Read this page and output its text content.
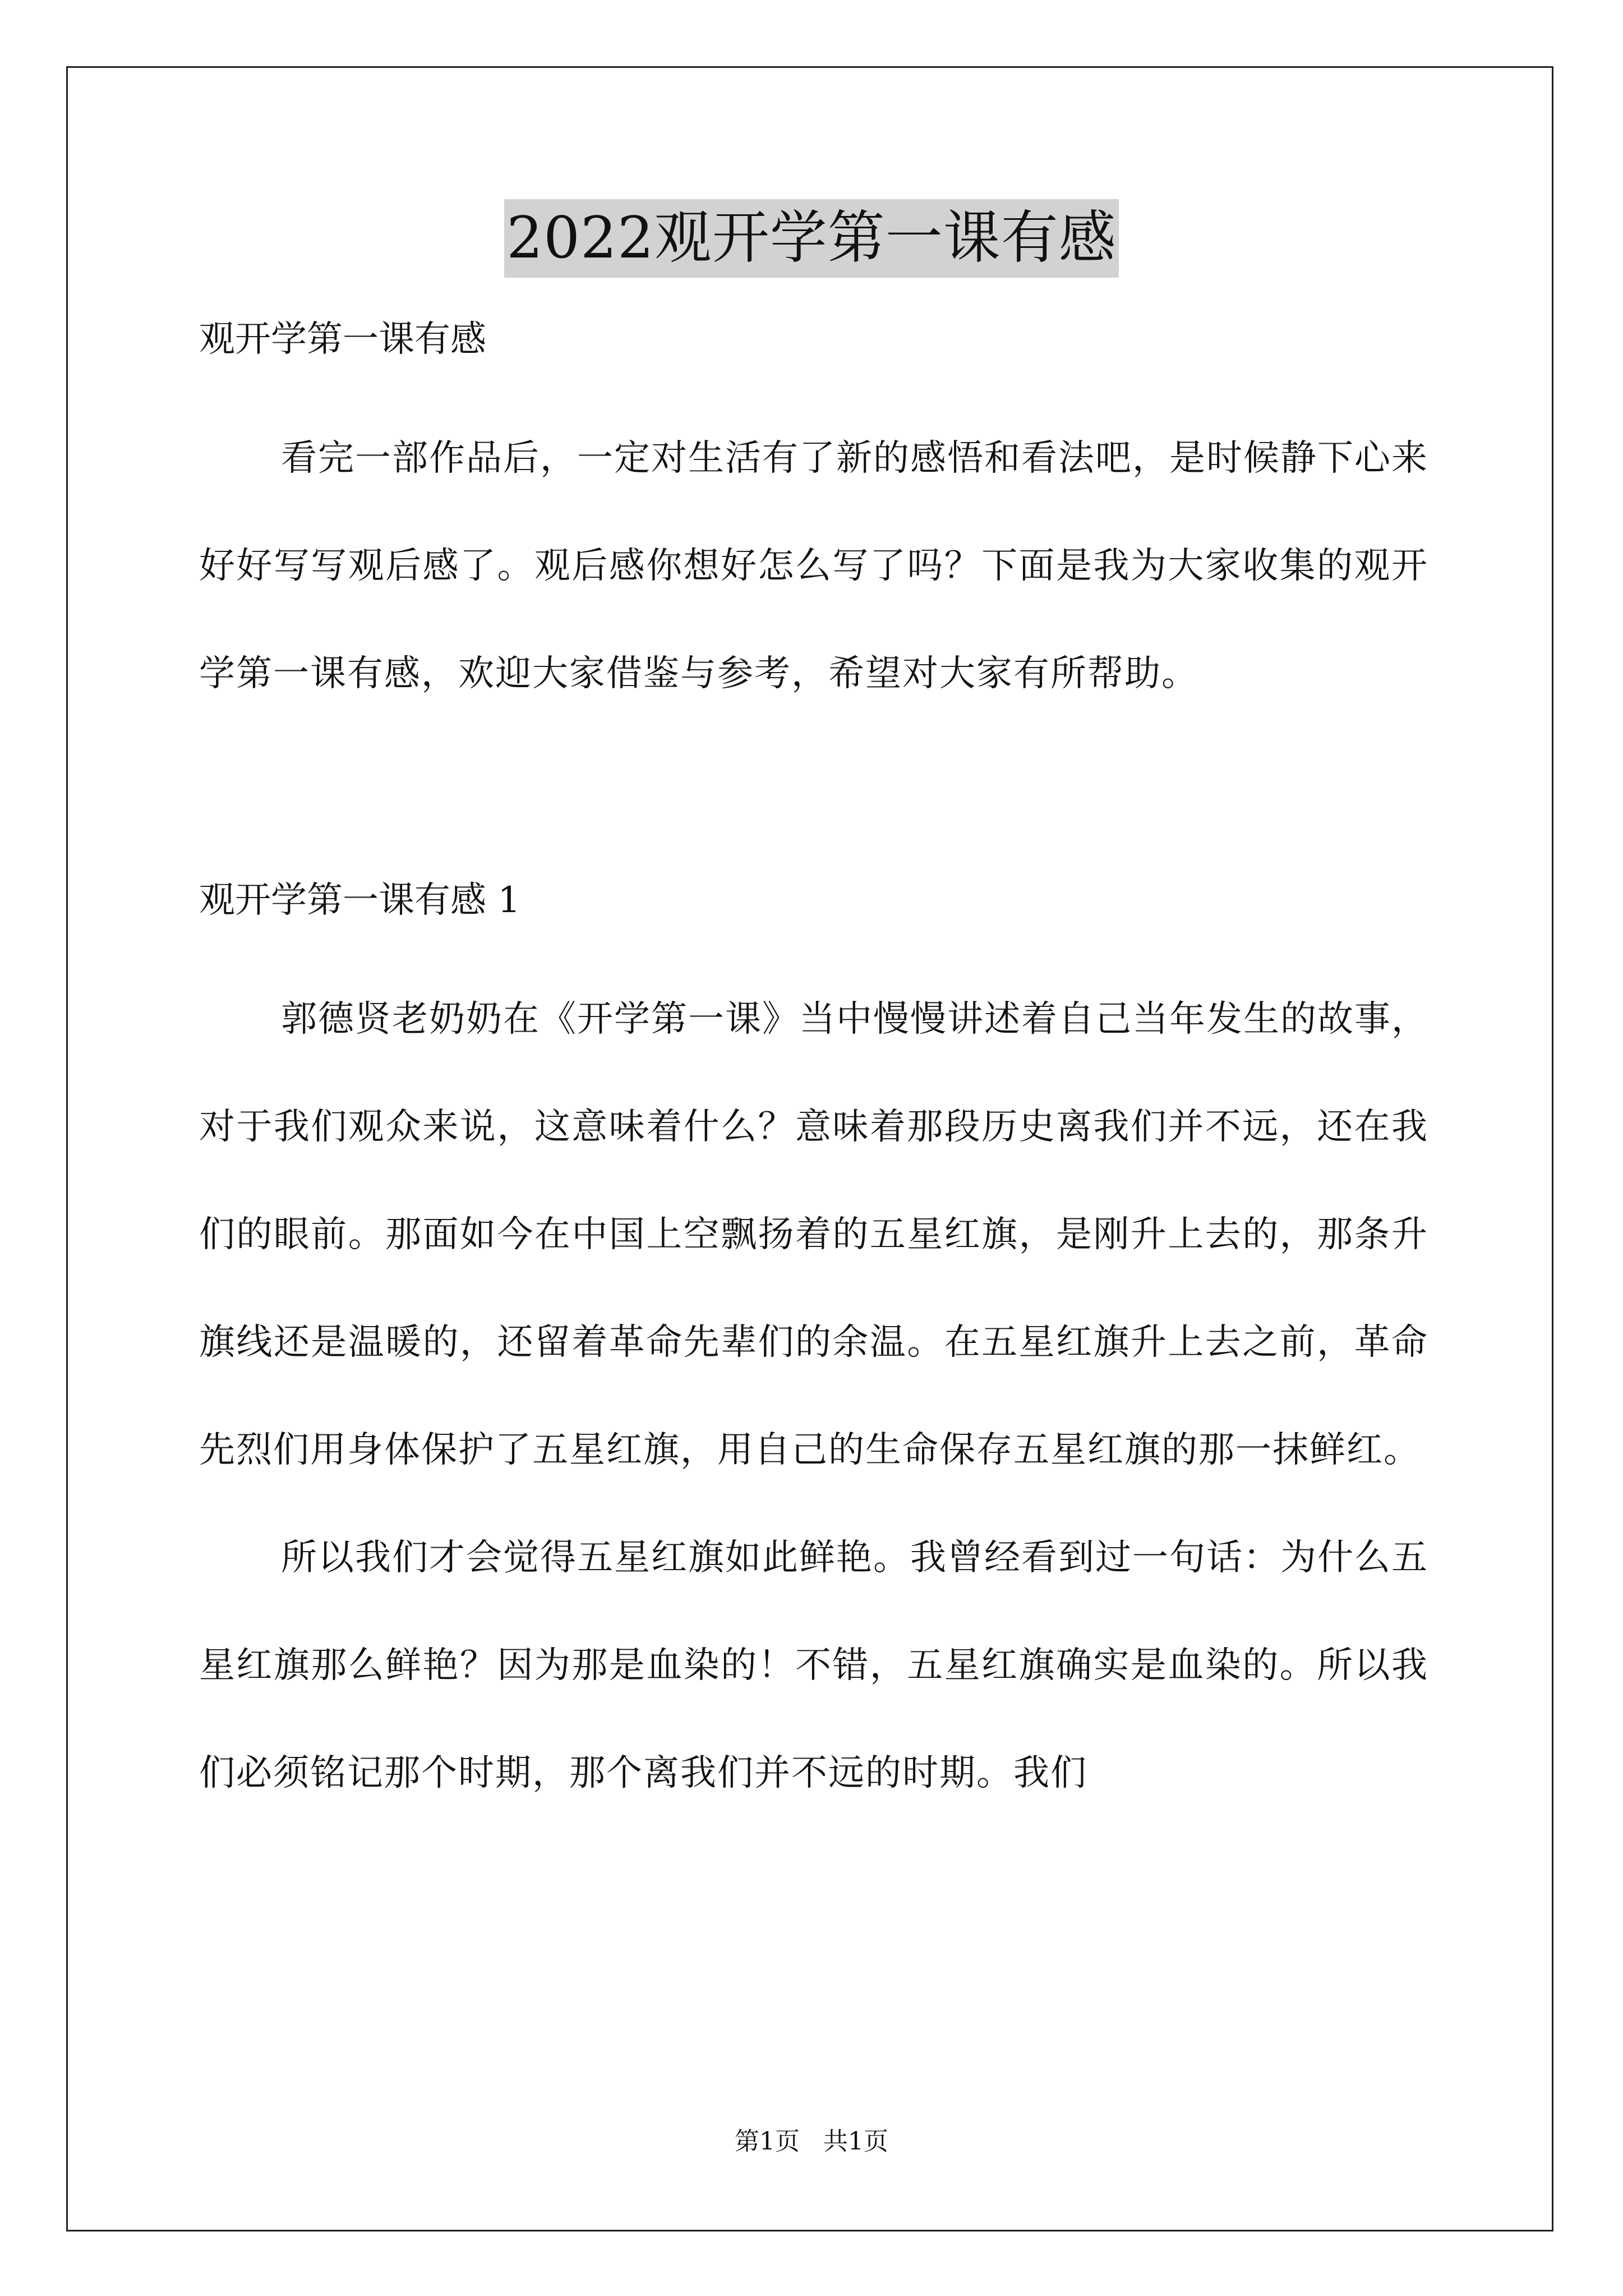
2022观开学第一课有感

观开学第一课有感

看完一部作品后，一定对生活有了新的感悟和看法吧，是时候静下心来好好写写观后感了。观后感你想好怎么写了吗？下面是我为大家收集的观开学第一课有感，欢迎大家借鉴与参考，希望对大家有所帮助。

观开学第一课有感 1

郭德贤老奶奶在《开学第一课》当中慢慢讲述着自己当年发生的故事，对于我们观众来说，这意味着什么？意味着那段历史离我们并不远，还在我们的眼前。那面如今在中国上空飘扬着的五星红旗，是刚升上去的，那条升旗线还是温暖的，还留着革命先辈们的余温。在五星红旗升上去之前，革命先烈们用身体保护了五星红旗，用自己的生命保存五星红旗的那一抹鲜红。

所以我们才会觉得五星红旗如此鲜艳。我曾经看到过一句话：为什么五星红旗那么鲜艳？因为那是血染的！不错，五星红旗确实是血染的。所以我们必须铭记那个时期，那个离我们并不远的时期。我们

第1页   共1页
